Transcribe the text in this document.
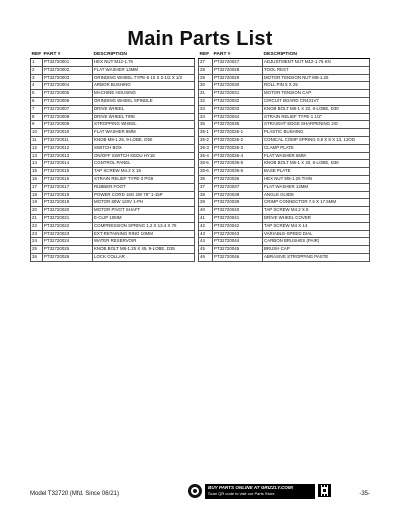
Main Parts List
REF	PART #	DESCRIPTION
1	PT32720001	HEX NUT M12-1.75
2	PT32720002	FLAT WASHER 12MM
3	PT32720003	GRINDING WHEEL TYPE-5 10 X 2-1/2 X 1/2
4	PT32720004	ARBOR BUSHING
5	PT32720005	MACHINE HOUSING
6	PT32720006	GRINDING WHEEL SPINDLE
7	PT32720007	DRIVE WHEEL
8	PT32720008	DRIVE WHEEL TIRE
9	PT32720009	STROPPING WHEEL
10	PT32720010	FLAT WASHER 8MM
11	PT32720011	KNOB M8-1.25, 9-LOBE, D50
12	PT32720012	SWITCH BOX
13	PT32720013	ON/OFF SWITCH KEDU HY18
14	PT32720014	CONTROL PANEL
15	PT32720015	TAP SCREW M4.2 X 16
16	PT32720016	STRAIN RELIEF TYPE-3 PG9
17	PT32720017	RUBBER FOOT
18	PT32720018	POWER CORD 18G 2W 78" 1-15P
19	PT32720019	MOTOR 80W 120V 1-PH
20	PT32720020	MOTOR PIVOT SHAFT
21	PT32720021	E-CLIP 10MM
22	PT32720022	COMPRESSION SPRING 1.2 X 13.4 X 75
23	PT32720023	EXT RETAINING RING 10MM
24	PT32720024	WATER RESERVOIR
25	PT32720025	KNOB BOLT M8-1.25 X 45, 9-LOBE, D35
26	PT32720026	LOCK COLLAR
REF	PART #	DESCRIPTION
27	PT32720027	ADJUSTMENT NUT M12-1.75 KN
28	PT32720028	TOOL REST
29	PT32720029	MOTOR TENSION NUT M8-1.25
30	PT32720030	ROLL PIN 5 X 25
31	PT32720031	MOTOR TENSION CAP
32	PT32720032	CIRCUIT BOARD CR431V7
33	PT32720033	KNOB BOLT M8-1 X 22, 6-LOBE, D30
34	PT32720034	STRAIN RELIEF TYPE-1 1/2"
35	PT32720035	STRAIGHT EDGE SHARPENING JIG
35-1	PT32720035-1	PLASTIC BUSHING
35-2	PT32720035-2	CONICAL COMP SPRING 0.8 X 8 X 13, 13OD
35-3	PT32720035-3	CLAMP PLATE
35-4	PT32720035-4	FLAT WASHER 6MM
35-5	PT32720035-5	KNOB BOLT M6-1 X 20, 6-LOBE, D30
35-6	PT32720035-6	BASE PLATE
36	PT32720036	HEX NUT M8-1.25 THIN
37	PT32720037	FLAT WASHER 12MM
38	PT32720038	ANGLE GUIDE
39	PT32720039	CRIMP CONNECTOR 7.6 X 17.5MM
40	PT32720040	TAP SCREW M4.2 X 8
41	PT32720041	DRIVE WHEEL COVER
42	PT32720042	TAP SCREW M4 X 14
43	PT32720043	VARIABLE-SPEED DIAL
44	PT32720044	CARBON BRUSHES (PAIR)
45	PT32720045	BRUSH CAP
46	PT32720046	ABRASIVE STROPPING PASTE
Model T32720 (Mfd. Since 06/21)
BUY PARTS ONLINE AT GRIZZLY.COM!
Scan QR code to visit our Parts Store.	-35-
